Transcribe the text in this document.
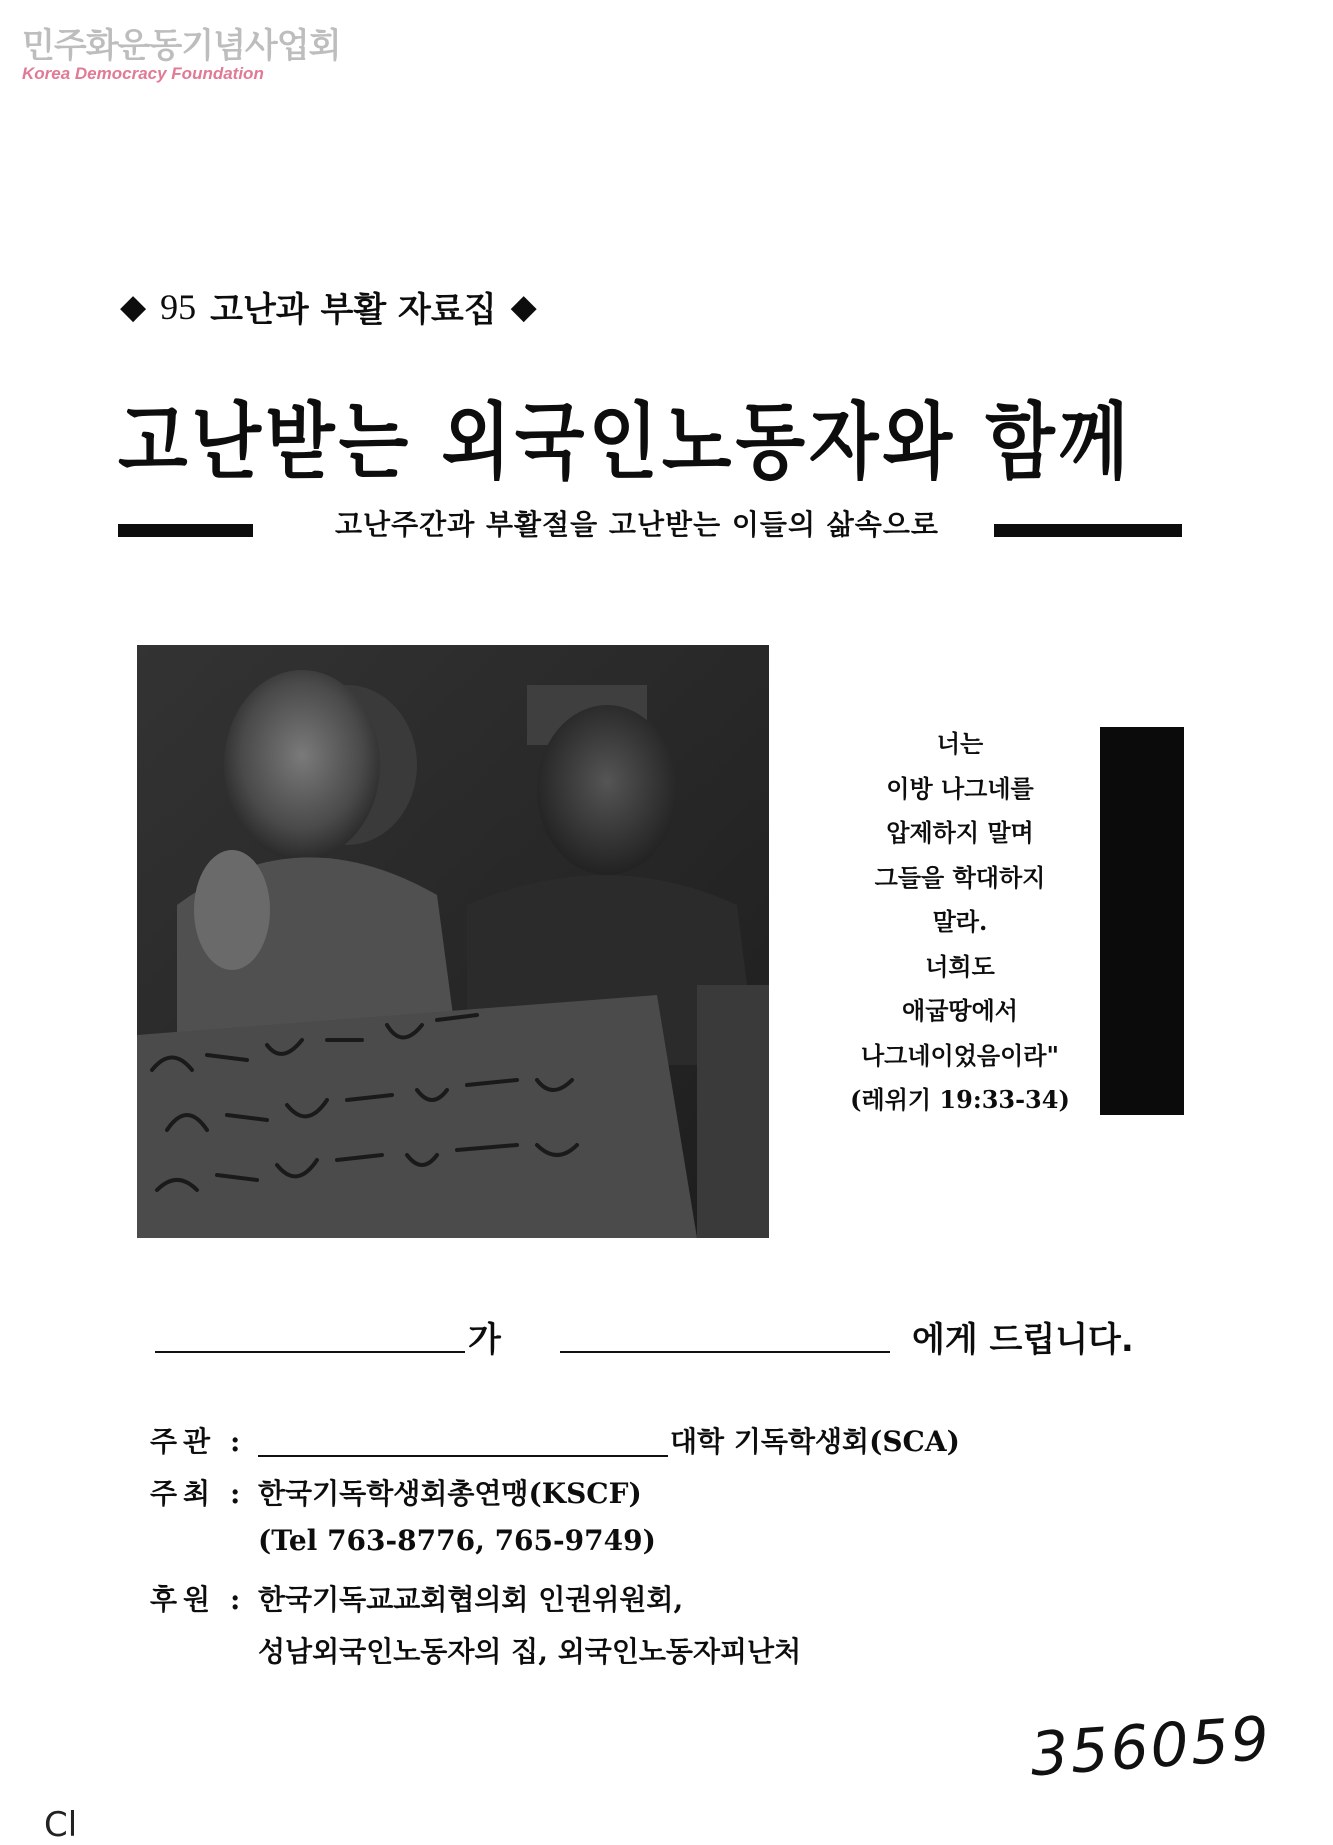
민주화운동기념사업회
Korea Democracy Foundation
◆ 95 고난과 부활 자료집 ◆
고난받는 외국인노동자와 함께
고난주간과 부활절을 고난받는 이들의 삶속으로
너는
이방 나그네를
압제하지 말며
그들을 학대하지
말라.
너희도
애굽땅에서
나그네이었음이라"
(레위기 19:33-34)
가	에게 드립니다.
주관 :	대학 기독학생회(SCA)
주최 : 한국기독학생회총연맹(KSCF)
(Tel 763-8776, 765-9749)
후원 : 한국기독교교회협의회 인권위원회,
성남외국인노동자의 집, 외국인노동자피난처
356059
Cl
